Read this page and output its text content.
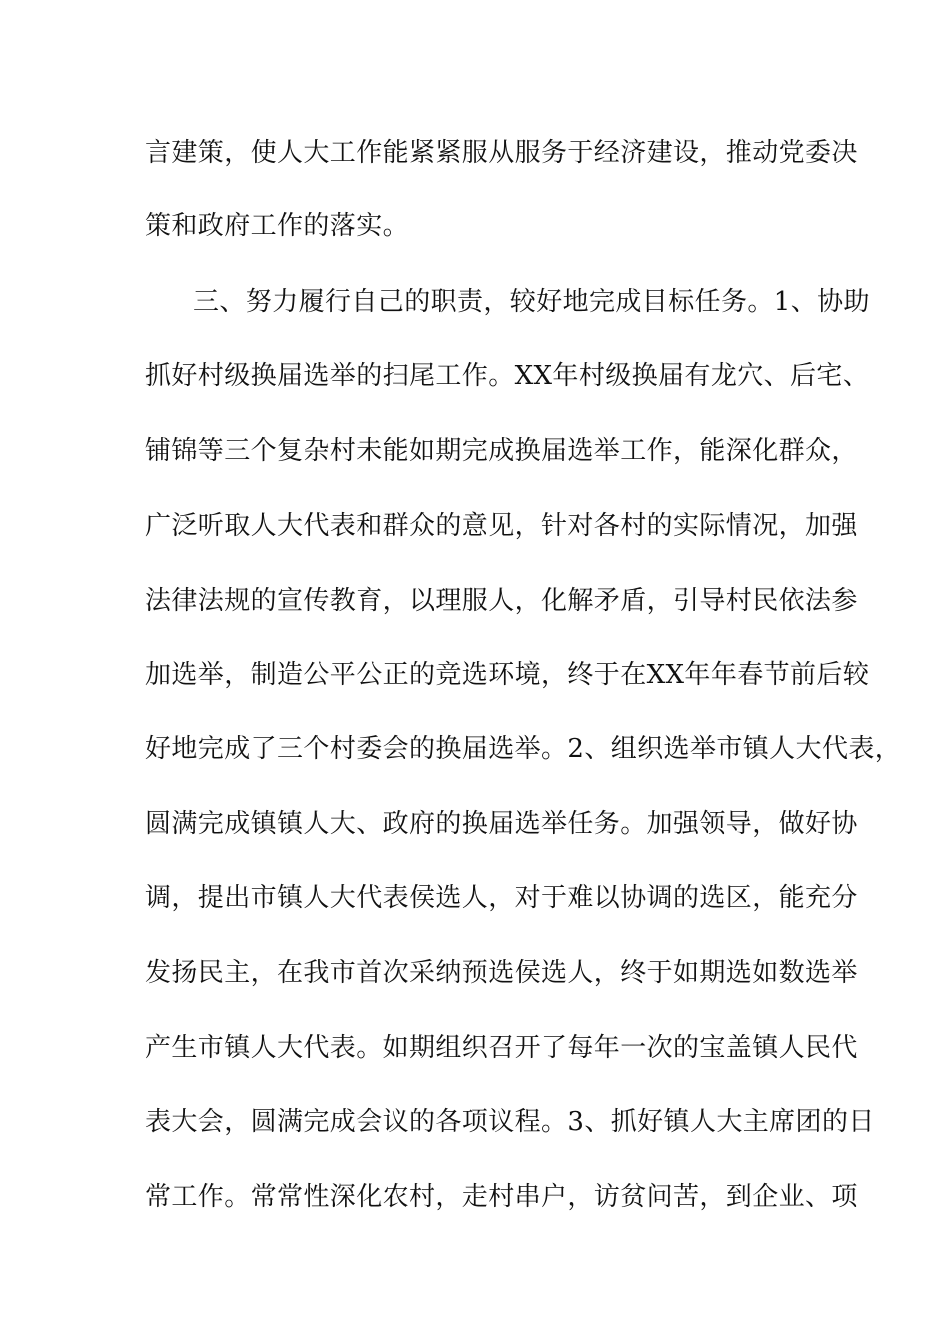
言建策，使人大工作能紧紧服从服务于经济建设，推动党委决
策和政府工作的落实。
三、努力履行自己的职责，较好地完成目标任务。1、协助
抓好村级换届选举的扫尾工作。XX年村级换届有龙穴、后宅、
铺锦等三个复杂村未能如期完成换届选举工作，能深化群众，
广泛听取人大代表和群众的意见，针对各村的实际情况，加强
法律法规的宣传教育，以理服人，化解矛盾，引导村民依法参
加选举，制造公平公正的竞选环境，终于在XX年年春节前后较
好地完成了三个村委会的换届选举。2、组织选举市镇人大代表，
圆满完成镇镇人大、政府的换届选举任务。加强领导，做好协
调，提出市镇人大代表侯选人，对于难以协调的选区，能充分
发扬民主，在我市首次采纳预选侯选人，终于如期选如数选举
产生市镇人大代表。如期组织召开了每年一次的宝盖镇人民代
表大会，圆满完成会议的各项议程。3、抓好镇人大主席团的日
常工作。常常性深化农村，走村串户，访贫问苦，到企业、项
